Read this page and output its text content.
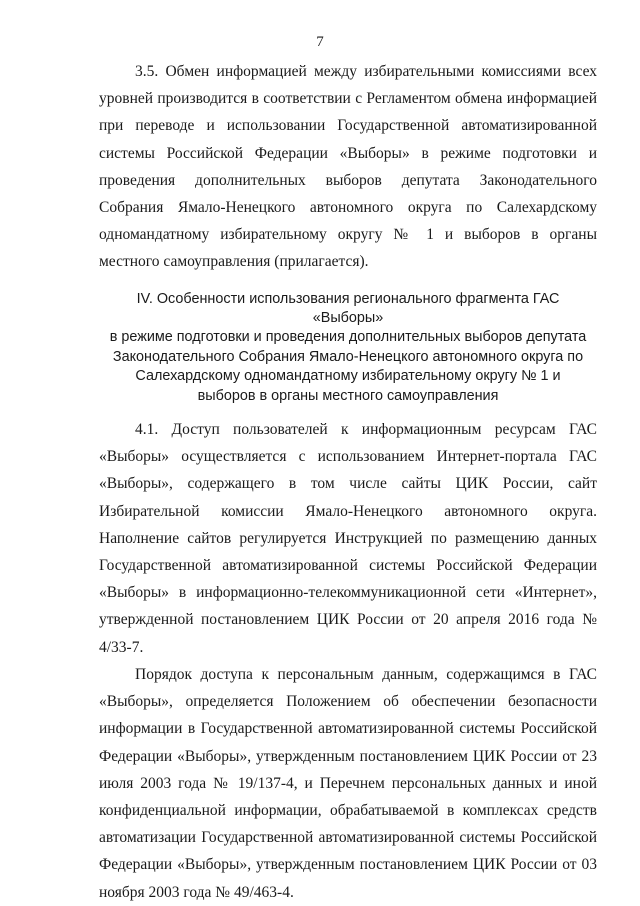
7

3.5. Обмен информацией между избирательными комиссиями всех уровней производится в соответствии с Регламентом обмена информацией при переводе и использовании Государственной автоматизированной системы Российской Федерации «Выборы» в режиме подготовки и проведения дополнительных выборов депутата Законодательного Собрания Ямало-Ненецкого автономного округа по Салехардскому одномандатному избирательному округу № 1 и выборов в органы местного самоуправления (прилагается).

IV. Особенности использования регионального фрагмента ГАС «Выборы»
в режиме подготовки и проведения дополнительных выборов депутата
Законодательного Собрания Ямало-Ненецкого автономного округа по
Салехардскому одномандатному избирательному округу № 1 и
выборов в органы местного самоуправления

4.1. Доступ пользователей к информационным ресурсам ГАС «Выборы» осуществляется с использованием Интернет-портала ГАС «Выборы», содержащего в том числе сайты ЦИК России, сайт Избирательной комиссии Ямало-Ненецкого автономного округа. Наполнение сайтов регулируется Инструкцией по размещению данных Государственной автоматизированной системы Российской Федерации «Выборы» в информационно-телекоммуникационной сети «Интернет», утвержденной постановлением ЦИК России от 20 апреля 2016 года № 4/33-7.

Порядок доступа к персональным данным, содержащимся в ГАС «Выборы», определяется Положением об обеспечении безопасности информации в Государственной автоматизированной системы Российской Федерации «Выборы», утвержденным постановлением ЦИК России от 23 июля 2003 года № 19/137-4, и Перечнем персональных данных и иной конфиденциальной информации, обрабатываемой в комплексах средств автоматизации Государственной автоматизированной системы Российской Федерации «Выборы», утвержденным постановлением ЦИК России от 03 ноября 2003 года № 49/463-4.
